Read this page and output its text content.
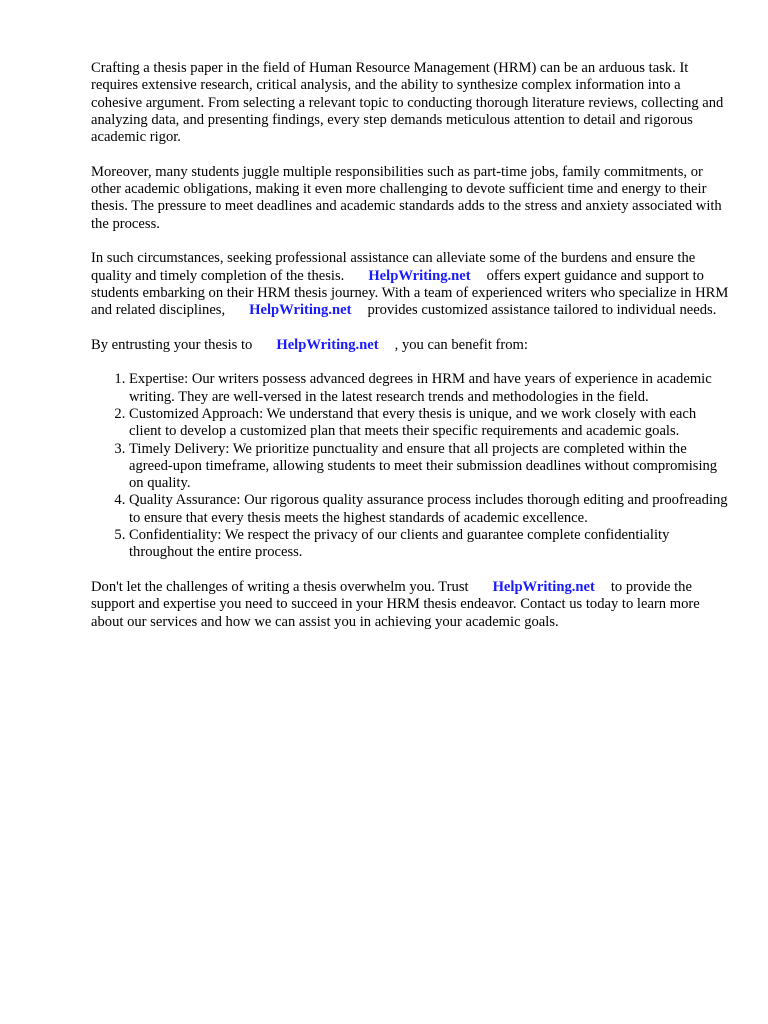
Crafting a thesis paper in the field of Human Resource Management (HRM) can be an arduous task. It requires extensive research, critical analysis, and the ability to synthesize complex information into a cohesive argument. From selecting a relevant topic to conducting thorough literature reviews, collecting and analyzing data, and presenting findings, every step demands meticulous attention to detail and rigorous academic rigor.

Moreover, many students juggle multiple responsibilities such as part-time jobs, family commitments, or other academic obligations, making it even more challenging to devote sufficient time and energy to their thesis. The pressure to meet deadlines and academic standards adds to the stress and anxiety associated with the process.

In such circumstances, seeking professional assistance can alleviate some of the burdens and ensure the quality and timely completion of the thesis. HelpWriting.net offers expert guidance and support to students embarking on their HRM thesis journey. With a team of experienced writers who specialize in HRM and related disciplines, HelpWriting.net provides customized assistance tailored to individual needs.

By entrusting your thesis to HelpWriting.net , you can benefit from:

1. Expertise: Our writers possess advanced degrees in HRM and have years of experience in academic writing. They are well-versed in the latest research trends and methodologies in the field.
2. Customized Approach: We understand that every thesis is unique, and we work closely with each client to develop a customized plan that meets their specific requirements and academic goals.
3. Timely Delivery: We prioritize punctuality and ensure that all projects are completed within the agreed-upon timeframe, allowing students to meet their submission deadlines without compromising on quality.
4. Quality Assurance: Our rigorous quality assurance process includes thorough editing and proofreading to ensure that every thesis meets the highest standards of academic excellence.
5. Confidentiality: We respect the privacy of our clients and guarantee complete confidentiality throughout the entire process.

Don't let the challenges of writing a thesis overwhelm you. Trust HelpWriting.net to provide the support and expertise you need to succeed in your HRM thesis endeavor. Contact us today to learn more about our services and how we can assist you in achieving your academic goals.
